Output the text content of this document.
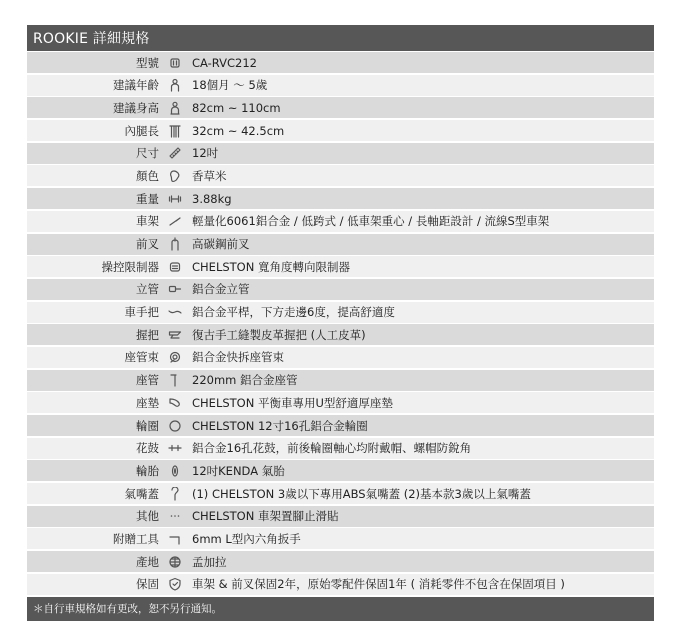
ROOKIE 詳細規格
型號	CA-RVC212
建議年齡	18個月 ～ 5歲
建議身高	82cm ~ 110cm
內腿長	32cm ~ 42.5cm
尺寸	12吋
顏色	香草米
重量	3.88kg
車架	輕量化6061鋁合金 / 低跨式 / 低車架重心 / 長軸距設計 / 流線S型車架
前叉	高碳鋼前叉
操控限制器	CHELSTON 寬角度轉向限制器
立管	鋁合金立管
車手把	鋁合金平桿，下方走邊6度，提高舒適度
握把	復古手工縫製皮革握把 (人工皮革)
座管束	鋁合金快拆座管束
座管	220mm 鋁合金座管
座墊	CHELSTON 平衡車專用U型舒適厚座墊
輪圈	CHELSTON 12寸16孔鋁合金輪圈
花鼓	鋁合金16孔花鼓，前後輪圈軸心均附戴帽、螺帽防銳角
輪胎	12吋KENDA 氣胎
氣嘴蓋	(1) CHELSTON 3歲以下專用ABS氣嘴蓋 (2)基本款3歲以上氣嘴蓋
其他	CHELSTON 車架置腳止滑貼
附贈工具	6mm L型內六角扳手
產地	孟加拉
保固	車架 & 前叉保固2年，原始零配件保固1年 ( 消耗零件不包含在保固項目 )
＊自行車規格如有更改，恕不另行通知。
